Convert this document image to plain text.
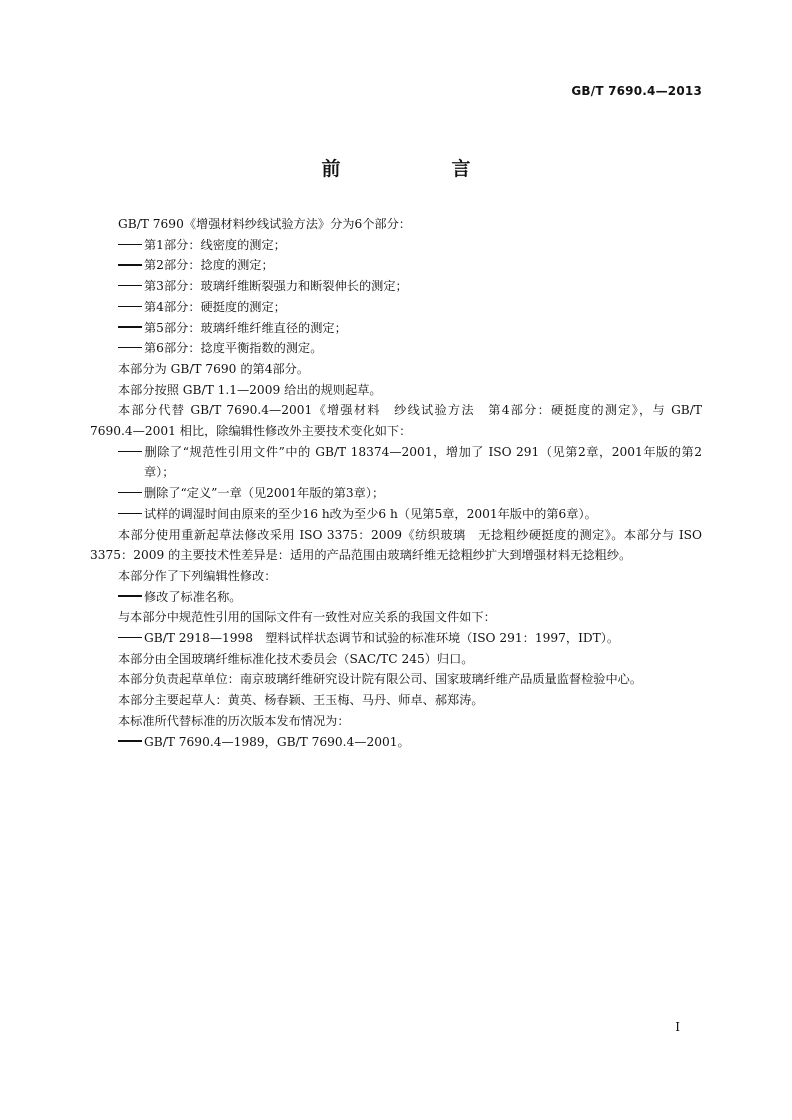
GB/T 7690.4—2013
前　言

GB/T 7690《增强材料纱线试验方法》分为6个部分：

第1部分：线密度的测定；

第2部分：捻度的测定；

第3部分：玻璃纤维断裂强力和断裂伸长的测定；

第4部分：硬挺度的测定；

第5部分：玻璃纤维纤维直径的测定；

第6部分：捻度平衡指数的测定。

本部分为 GB/T 7690 的第4部分。

本部分按照 GB/T 1.1—2009 给出的规则起草。

本部分代替 GB/T 7690.4—2001《增强材料　纱线试验方法　第4部分：硬挺度的测定》，与 GB/T 7690.4—2001 相比，除编辑性修改外主要技术变化如下：

删除了“规范性引用文件”中的 GB/T 18374—2001，增加了 ISO 291（见第2章，2001年版的第2章）；

删除了“定义”一章（见2001年版的第3章）；

试样的调湿时间由原来的至少16 h改为至少6 h（见第5章，2001年版中的第6章）。

本部分使用重新起草法修改采用 ISO 3375：2009《纺织玻璃　无捻粗纱硬挺度的测定》。本部分与 ISO 3375：2009 的主要技术性差异是：适用的产品范围由玻璃纤维无捻粗纱扩大到增强材料无捻粗纱。

本部分作了下列编辑性修改：

修改了标准名称。

与本部分中规范性引用的国际文件有一致性对应关系的我国文件如下：

GB/T 2918—1998　塑料试样状态调节和试验的标准环境（ISO 291：1997，IDT）。

本部分由全国玻璃纤维标准化技术委员会（SAC/TC 245）归口。

本部分负责起草单位：南京玻璃纤维研究设计院有限公司、国家玻璃纤维产品质量监督检验中心。

本部分主要起草人：黄英、杨春颖、王玉梅、马丹、师卓、郝郑涛。

本标准所代替标准的历次版本发布情况为：

GB/T 7690.4—1989，GB/T 7690.4—2001。

I
